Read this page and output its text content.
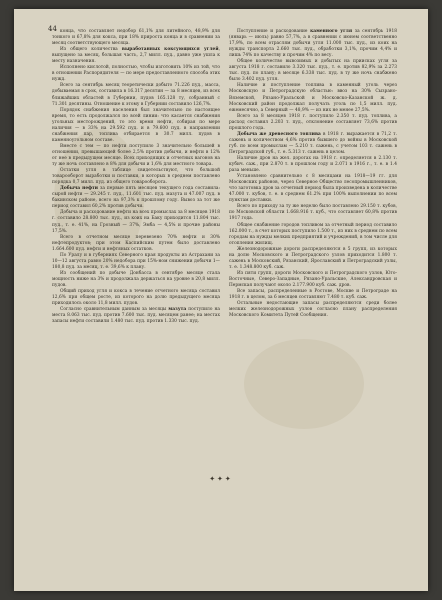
44 конца, что составляет недобор 61,1% для литейного, 48,9% для тонкого и 67,8% для кокса, при 18% прироста конца и в сравнении за месяц соответствующего месяца.

Из общего количества выработанных коксующихся углей, выпущено за месяц, большая часть, 2,7 милл. пуд., давно уже ушла к месту назначения.

Исполнено кислотой, полностью, чтобы изготовить 10% из той, что в отношении Распорядителя — по мере предоставленного способа этих нужд.

Всего за сентябрь месяц теоретически добыто 71.226 пуд., масса, добываемая в срок, составила в 16.317 десятин — за 8 месяцев, из всех ближайших областей в Губернии, пудов 165.128 ту, собранный с 71.301 десятины. Отношение к этому в Губернии составило 126,7%.

Порядок снабжения населения был значительно по настоящее время, то есть продолжался по всей линии: что касается снабжения угольных месторождений, то это время нефти, собирая по мере наличия — в 33% на 29.592 пуд. и в 79.600 пуд. в направлении снабжения пар, топлива отбирается в 30.7 милл. пудов в каменноугольном составе.

Вместе с тем — по нефти поступило 3 значительно большей в отношении, превышающей более 2,5% против добычи, и нефти в 12% от нее в предыдущем месяце. Всех приходящих и отчетных вагонов на ту же ночь составлено в 8% для добычи и 1,6% для местного товара.

Остатки угля в таблице свидетельствуют, что большой товарооборот выработки и поставки, в которых в среднем поставлено порядка 0,7 милл. пуд. из общего товарооборота.

Добыча нефти за первые пять месяцев текущего года составила: сырой нефти — 29.245 т. пуд., 11.601 тыс. пуд. мазута и 47.007 пуд. в бакинском районе, всего на 97,3% к прошлому году. Вывоз за тот же период составил 60,2% против добычи.

Добыча и расходование нефти на всех промыслах за 8 месяцев 1918 г. составило 28.800 тыс. пуд., из коих на Баку приходится 11.804 тыс. пуд., т. е. 41%, на Грозный — 37%, Эмба — 4,5% и прочие районы 17,5%.

Всего в отчетном месяце перевезено 70% нефти и 30% нефтепродуктов; при этом Каспийским путем было доставлено 1.664.600 пуд. нефти и нефтяных остатков.

По Уралу и в губерниях Северного края продукты из Астрахани за 10—12 августа равно 20% недобора при 15%-ном снижении добычи 1—180,8 пуд. за месяц, т. е. 39,6% к плану.

Из сообщений по добыче Донбасса в сентябре месяце стала мощность ниже на 3% и продолжала держаться на уровне в 20,8 милл. пудов.

Общий приход угля и кокса в течение отчетного месяца составил 12,6% при общем росте, из которого на долю предыдущего месяца приходилось около 11,8 милл. пудов.

Согласно сравнительным данным за месяцы мазута поступило на места 8.063 тыс. пуд. против 7.600 тыс. пуд. месяцем ранее; на местах запасы нефти составили 1.480 тыс. пуд. против 1.330 тыс. пуд.

Поступление и расходование каменного угля за сентябрь 1918 (январь — июль) равно 57,7%, а в сравнении с июнем соответственно 17,9%, по всем отраслям добычи угля 11.000 тыс. пуд., из коих на нужды транспорта 2.660 тыс. пуд., обработки 3,1%, прочим 4,4% и лишь 74% по качеству и прочим 4% по весу.

Общее количество вывозимых и добытых на приисках угля за августа 1918 г. составило 3.320 тыс. пуд., т. е. против 82,9% за 2.273 тыс. пуд. по плану; в месяце 6.338 тыс. пуд. в ту же ночь снабжено было 3.402 пуд. угля.

Наличие и поступление топлива в каменный уголь через Московскую и Петроградскую областью: ввоз на 30% Сызрано-Вяземской, Рязано-Уральской и Московско-Казанской ж. д. Московский район продолжал получать уголь по 1,5 милл. пуд. ежемесячно, а Северный — 48,9% — из них не менее 27,5%.

Всего за 8 месяцев 1918 г. поступило 2.350 т. пуд. топлива, а расход составил 2.203 т. пуд., отклонение составляет 73,6% против прошлого года.

Добыча же древесного топлива в 1918 г. выражается в 71,2 т. сажень и количеством 4,6% против бывшего до войны в Московской губ. по всем промыслам — 5.210 т. сажень, с учетом 103 т. сажень в Петроградской губ., т. е. 5.313 т. сажень в целом.

Наличие дров на жел. дорогах на 1918 г. определяется в 2.130 т. кубич. саж., при 2.870 т. в прошлом году и 2.071 в 1916 г., т. е. в 1.4 раза меньше.

Установлено сравнительно с 8 месяцами на 1918—19 гг. для Московских районов, через Северное Общество лесопромышленников, что заготовка дров за отчетный период была произведена в количестве 47.000 т. кубов, т. е. в среднем 61.2% при 100% выполнении по всем пунктам доставки.

Всего по приходу за ту же неделю было поставлено 29.150 т. кубов, по Московской области 1.668.916 т. куб., что составляет 60,8% против 1917 года.

Общее снабжение городов топливом за отчетный период составило 162.000 т., в счет которых поступило 1.500 т., из них в среднем по всем городам на нужды мелких предприятий и учреждений, в том числе для отопления жилищ.

Железнодорожные дороги распределяются в 5 групп, из которых на долю Московского и Петроградского узлов приходится 1.800 т. сажень в Московский, Рязанский, Ярославский и Петроградский узлы, т. е. 1.348.800 куб. саж.

Из пяти групп, дороги Московского и Петроградского узлов, Юго-Восточные, Северо-Западные, Рязано-Уральские, Александровская и Пермская получают около 2.177.900 куб. саж. дров.

Все запасы, распределенные в Ростове, Москве и Петрограде на 1918 г. в целом, за 6 месяцев составляют 7.480 т. куб. саж.

Остальные недостающие запасы распределяются среди более мелких железнодорожных узлов согласно плану распределения Московского Комитета Путей Сообщения.

✦✦✦
